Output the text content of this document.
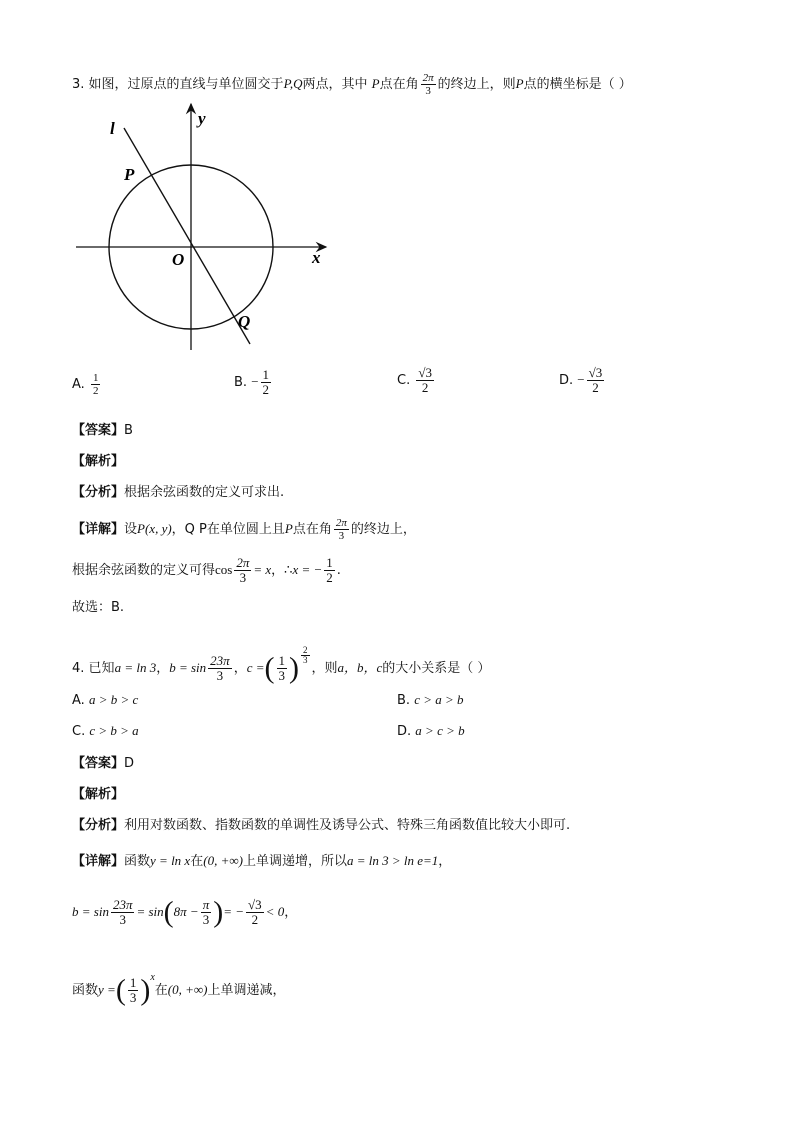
3. 如图，过原点的直线与单位圆交于P,Q两点，其中 P点在角 $\frac{2\pi}{3}$ 的终边上，则P点的横坐标是（ ）
l
y
P
O	x
Q
A. $\frac{1}{2}$	B. − $\frac{1}{2}$	C. $\frac{√3}{2}$	D. − $\frac{√3}{2}$
【答案】B
【解析】
【分析】根据余弦函数的定义可求出.
【详解】设P(x, y)，Q P在单位圆上且P点在角 $\frac{2\pi}{3}$ 的终边上，
根据余弦函数的定义可得$\cos \frac{2\pi}{3} = x$，∴x = − $\frac{1}{2}$ .
故选：B.
4. 已知a = ln 3，$b = \sin \frac{23\pi}{3}$ ，c =( $\frac{1}{3}$ ) $^{\frac{2}{3}}$
，则a，b，c的大小关系是（ ）
A. a > b > c	B. c > a > b
C. c > b > a	D. a > c > b
【答案】D
【解析】
【分析】利用对数函数、指数函数的单调性及诱导公式、特殊三角函数值比较大小即可.
【详解】函数y = ln x在(0, +∞)上单调递增，所以a = ln 3 > ln e=1，
$b = \sin \frac{23\pi}{3} = \sin(8\pi - \frac{\pi}{3}$ )= − $\frac{√3}{2} < 0$，
函数y =( $\frac{1}{3} )^x$在(0, +∞)上单调递减，
